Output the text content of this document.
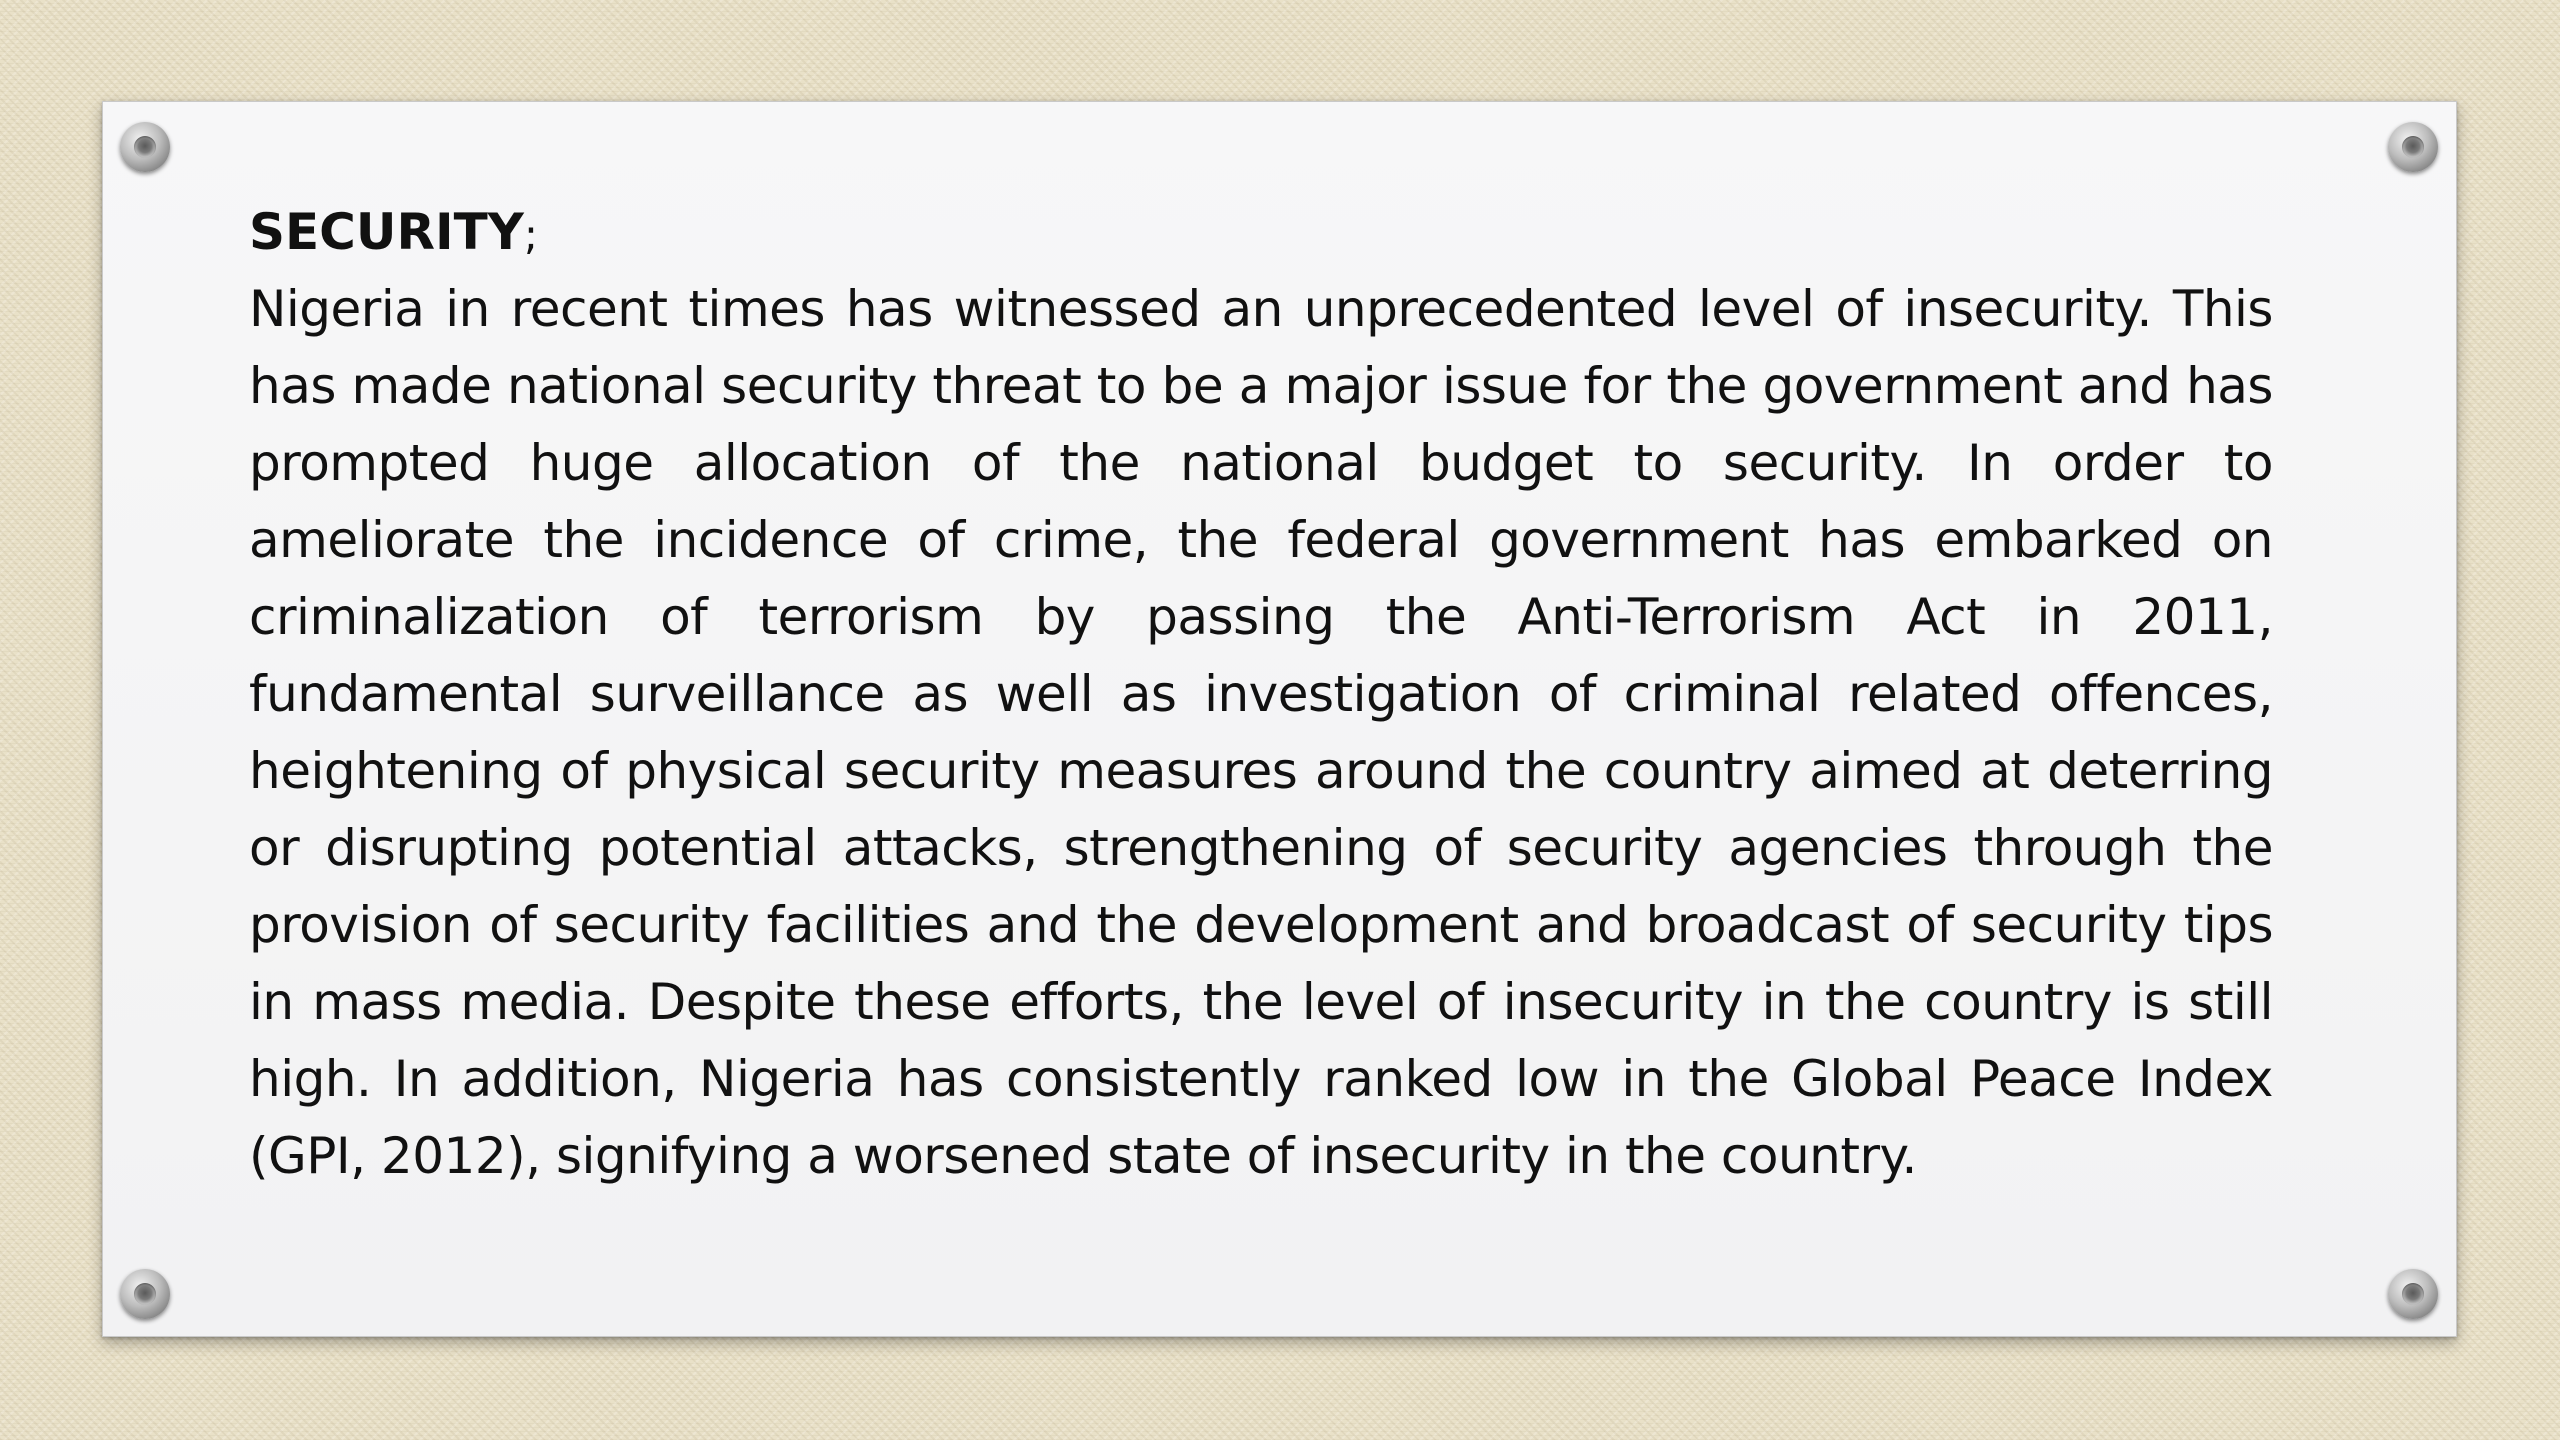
SECURITY;

Nigeria in recent times has witnessed an unprecedented level of insecurity. This has made national security threat to be a major issue for the government and has prompted huge allocation of the national budget to security. In order to ameliorate the incidence of crime, the federal government has embarked on criminalization of terrorism by passing the Anti-Terrorism Act in 2011, fundamental surveillance as well as investigation of criminal related offences, heightening of physical security measures around the country aimed at deterring or disrupting potential attacks, strengthening of security agencies through the provision of security facilities and the development and broadcast of security tips in mass media. Despite these efforts, the level of insecurity in the country is still high. In addition, Nigeria has consistently ranked low in the Global Peace Index (GPI, 2012), signifying a worsened state of insecurity in the country.
